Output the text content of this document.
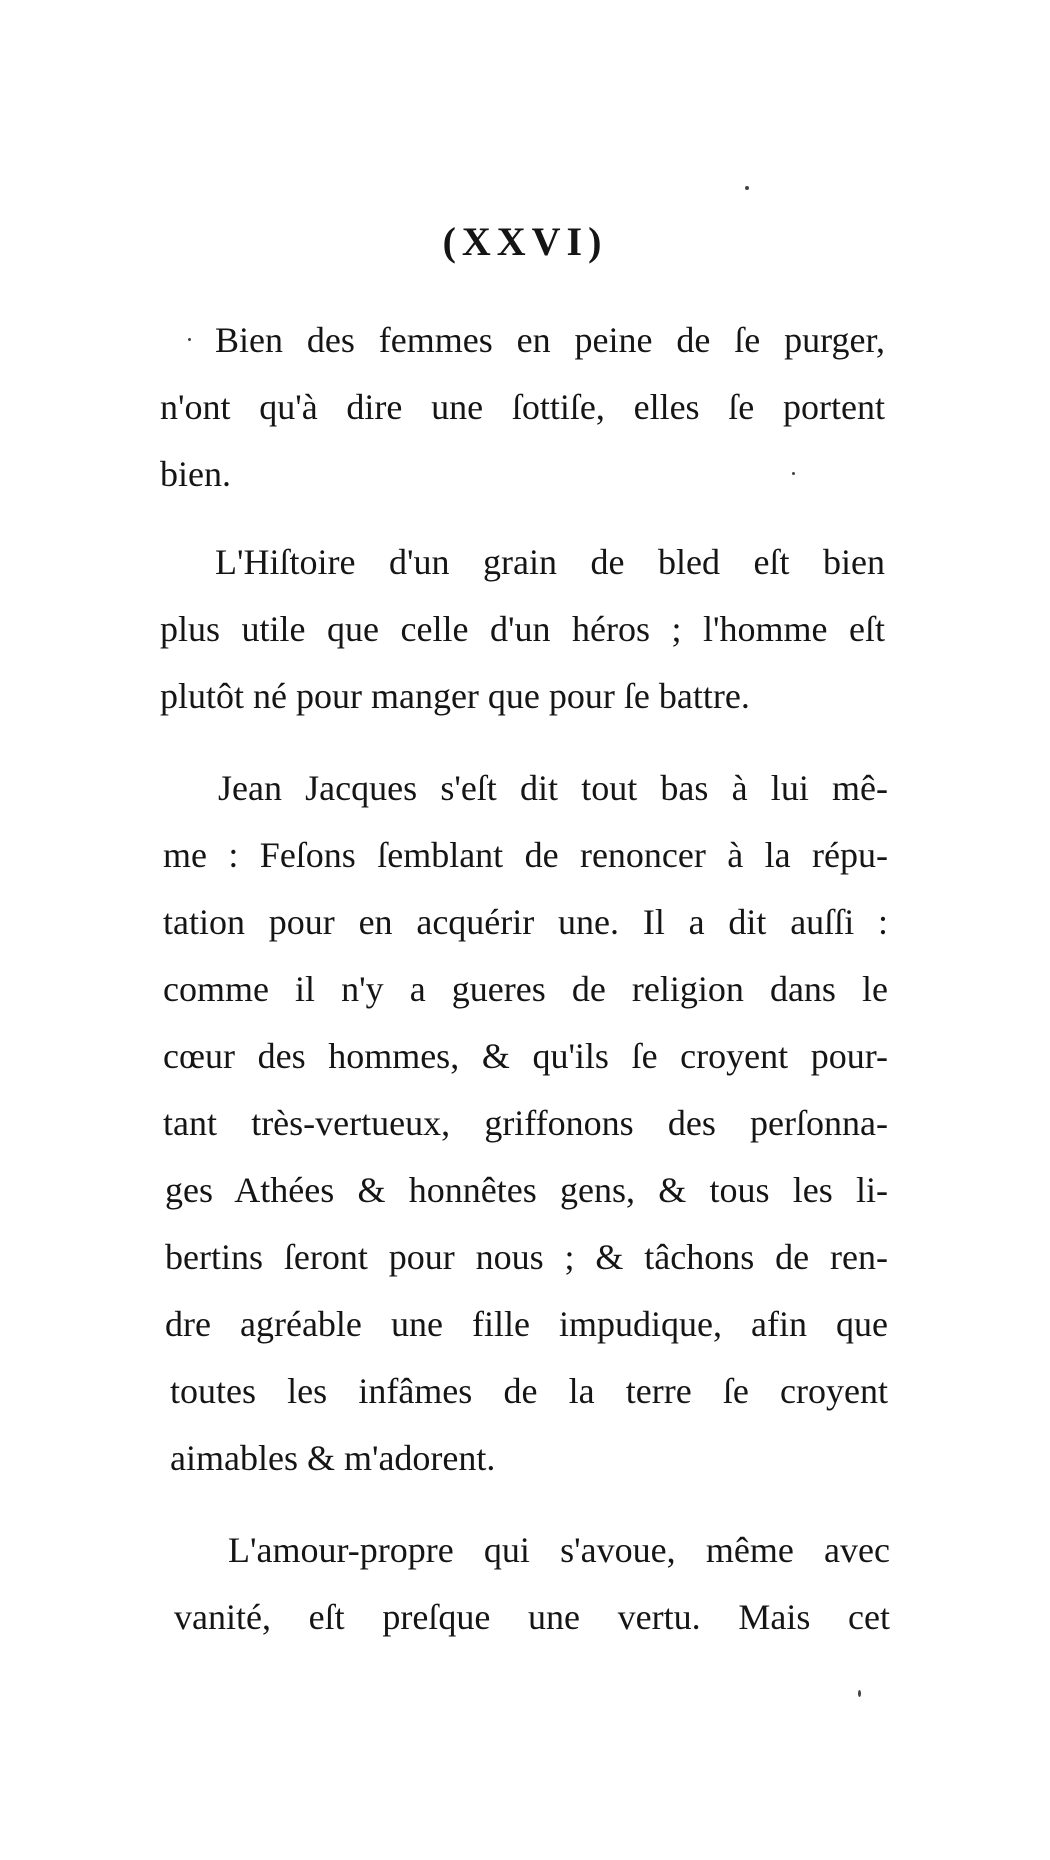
(XXVI)
Bien des femmes en peine de ſe purger,
n'ont qu'à dire une ſottiſe, elles ſe portent
bien.
L'Hiſtoire d'un grain de bled eſt bien
plus utile que celle d'un héros ; l'homme eſt
plutôt né pour manger que pour ſe battre.
Jean Jacques s'eſt dit tout bas à lui mê-
me : Feſons ſemblant de renoncer à la répu-
tation pour en acquérir une. Il a dit auſſi :
comme il n'y a gueres de religion dans le
cœur des hommes, & qu'ils ſe croyent pour-
tant très-vertueux, griffonons des perſonna-
ges Athées & honnêtes gens, & tous les li-
bertins ſeront pour nous ; & tâchons de ren-
dre agréable une fille impudique, afin que
toutes les infâmes de la terre ſe croyent
aimables & m'adorent.
L'amour-propre qui s'avoue, même avec
vanité, eſt preſque une vertu. Mais cet
